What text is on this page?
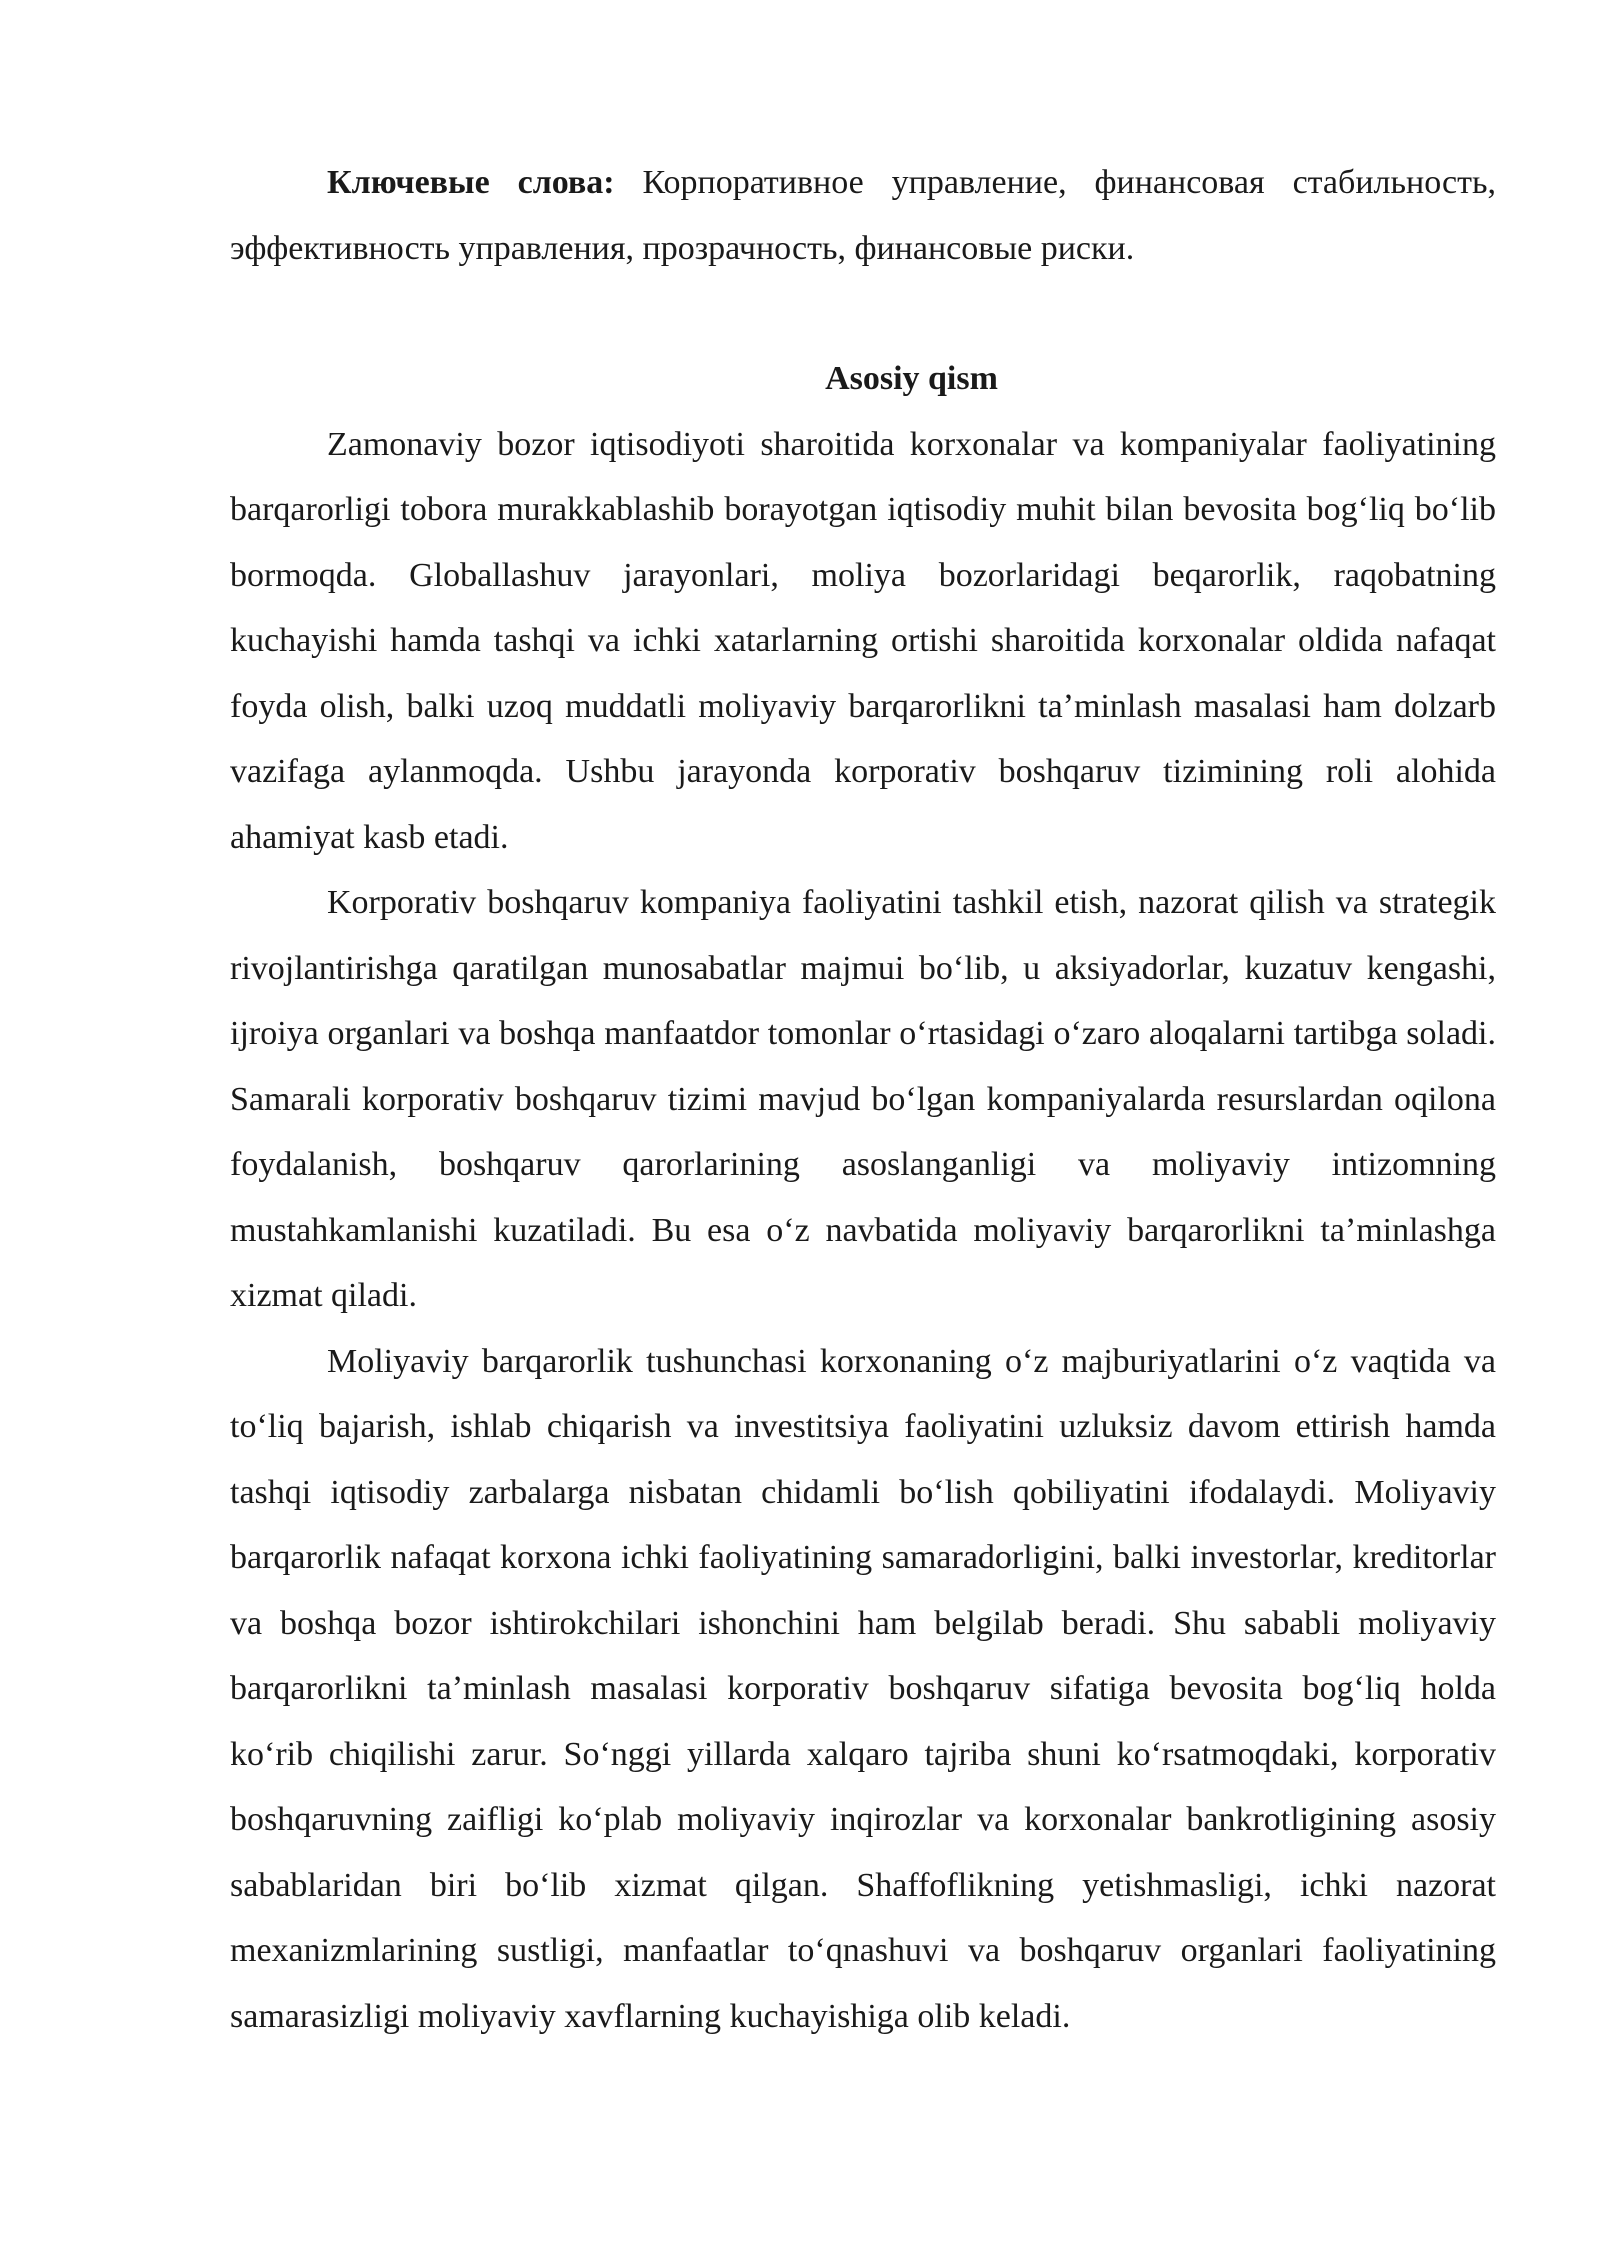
Ключевые слова: Корпоративное управление, финансовая стабильность, эффективность управления, прозрачность, финансовые риски.

Asosiy qism

Zamonaviy bozor iqtisodiyoti sharoitida korxonalar va kompaniyalar faoliyatining barqarorligi tobora murakkablashib borayotgan iqtisodiy muhit bilan bevosita bogʻliq boʻlib bormoqda. Globallashuv jarayonlari, moliya bozorlaridagi beqarorlik, raqobatning kuchayishi hamda tashqi va ichki xatarlarning ortishi sharoitida korxonalar oldida nafaqat foyda olish, balki uzoq muddatli moliyaviy barqarorlikni taʼminlash masalasi ham dolzarb vazifaga aylanmoqda. Ushbu jarayonda korporativ boshqaruv tizimining roli alohida ahamiyat kasb etadi.

Korporativ boshqaruv kompaniya faoliyatini tashkil etish, nazorat qilish va strategik rivojlantirishga qaratilgan munosabatlar majmui boʻlib, u aksiyadorlar, kuzatuv kengashi, ijroiya organlari va boshqa manfaatdor tomonlar oʻrtasidagi oʻzaro aloqalarni tartibga soladi. Samarali korporativ boshqaruv tizimi mavjud boʻlgan kompaniyalarda resurslardan oqilona foydalanish, boshqaruv qarorlarining asoslanganligi va moliyaviy intizomning mustahkamlanishi kuzatiladi. Bu esa oʻz navbatida moliyaviy barqarorlikni taʼminlashga xizmat qiladi.

Moliyaviy barqarorlik tushunchasi korxonaning oʻz majburiyatlarini oʻz vaqtida va toʻliq bajarish, ishlab chiqarish va investitsiya faoliyatini uzluksiz davom ettirish hamda tashqi iqtisodiy zarbalarga nisbatan chidamli boʻlish qobiliyatini ifodalaydi. Moliyaviy barqarorlik nafaqat korxona ichki faoliyatining samaradorligini, balki investorlar, kreditorlar va boshqa bozor ishtirokchilari ishonchini ham belgilab beradi. Shu sababli moliyaviy barqarorlikni taʼminlash masalasi korporativ boshqaruv sifatiga bevosita bogʻliq holda koʻrib chiqilishi zarur. Soʻnggi yillarda xalqaro tajriba shuni koʻrsatmoqdaki, korporativ boshqaruvning zaifligi koʻplab moliyaviy inqirozlar va korxonalar bankrotligining asosiy sabablaridan biri boʻlib xizmat qilgan. Shaffoflikning yetishmasligi, ichki nazorat mexanizmlarining sustligi, manfaatlar toʻqnashuvi va boshqaruv organlari faoliyatining samarasizligi moliyaviy xavflarning kuchayishiga olib keladi.
